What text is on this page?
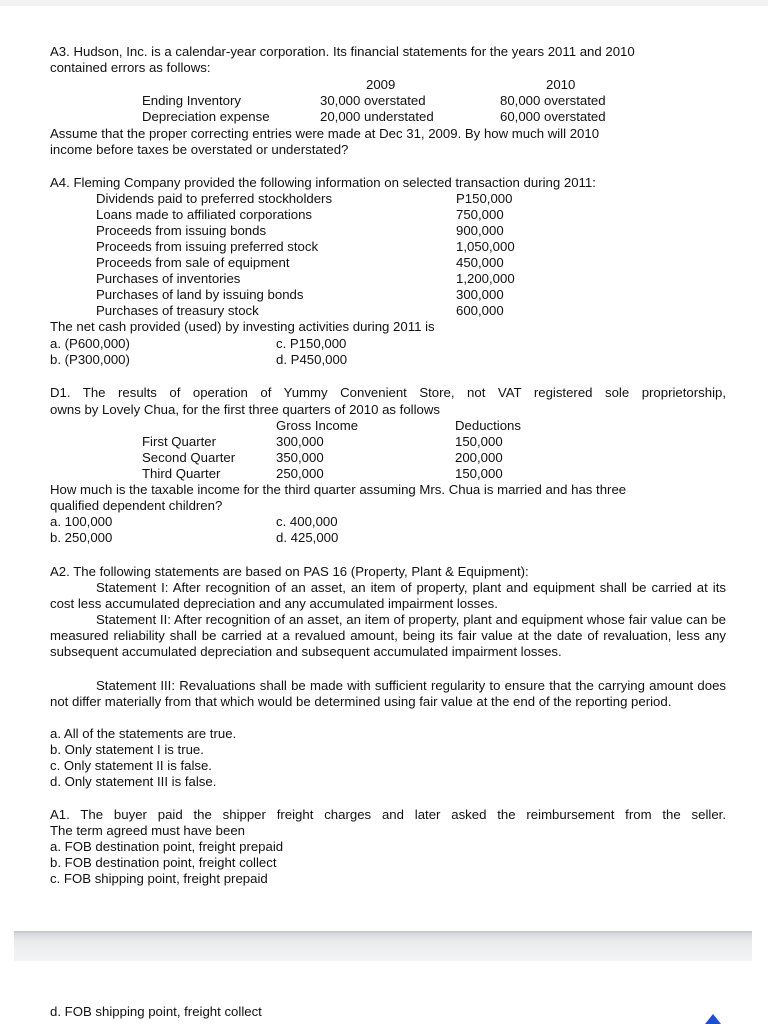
A3. Hudson, Inc. is a calendar-year corporation. Its financial statements for the years 2011 and 2010
contained errors as follows:
2009	2010
Ending Inventory	30,000 overstated	80,000 overstated
Depreciation expense	20,000 understated	60,000 overstated
Assume that the proper correcting entries were made at Dec 31, 2009. By how much will 2010
income before taxes be overstated or understated?
A4. Fleming Company provided the following information on selected transaction during 2011:
Dividends paid to preferred stockholders	P150,000
Loans made to affiliated corporations	750,000
Proceeds from issuing bonds	900,000
Proceeds from issuing preferred stock	1,050,000
Proceeds from sale of equipment	450,000
Purchases of inventories	1,200,000
Purchases of land by issuing bonds	300,000
Purchases of treasury stock	600,000
The net cash provided (used) by investing activities during 2011 is
a. (P600,000)
b. (P300,000)
c. P150,000
d. P450,000
D1. The results of operation of Yummy Convenient Store, not VAT registered sole proprietorship,
owns by Lovely Chua, for the first three quarters of 2010 as follows
Gross Income	Deductions
First Quarter	300,000	150,000
Second Quarter	350,000	200,000
Third Quarter	250,000	150,000
How much is the taxable income for the third quarter assuming Mrs. Chua is married and has three
qualified dependent children?
a. 100,000
b. 250,000
c. 400,000
d. 425,000
A2. The following statements are based on PAS 16 (Property, Plant & Equipment):
Statement I: After recognition of an asset, an item of property, plant and equipment shall be carried at its cost less accumulated depreciation and any accumulated impairment losses.
Statement II: After recognition of an asset, an item of property, plant and equipment whose fair value can be measured reliability shall be carried at a revalued amount, being its fair value at the date of revaluation, less any subsequent accumulated depreciation and subsequent accumulated impairment losses.
Statement III: Revaluations shall be made with sufficient regularity to ensure that the carrying amount does not differ materially from that which would be determined using fair value at the end of the reporting period.
a. All of the statements are true.
b. Only statement I is true.
c. Only statement II is false.
d. Only statement III is false.
A1. The buyer paid the shipper freight charges and later asked the reimbursement from the seller.
The term agreed must have been
a. FOB destination point, freight prepaid
b. FOB destination point, freight collect
c. FOB shipping point, freight prepaid
d. FOB shipping point, freight collect
